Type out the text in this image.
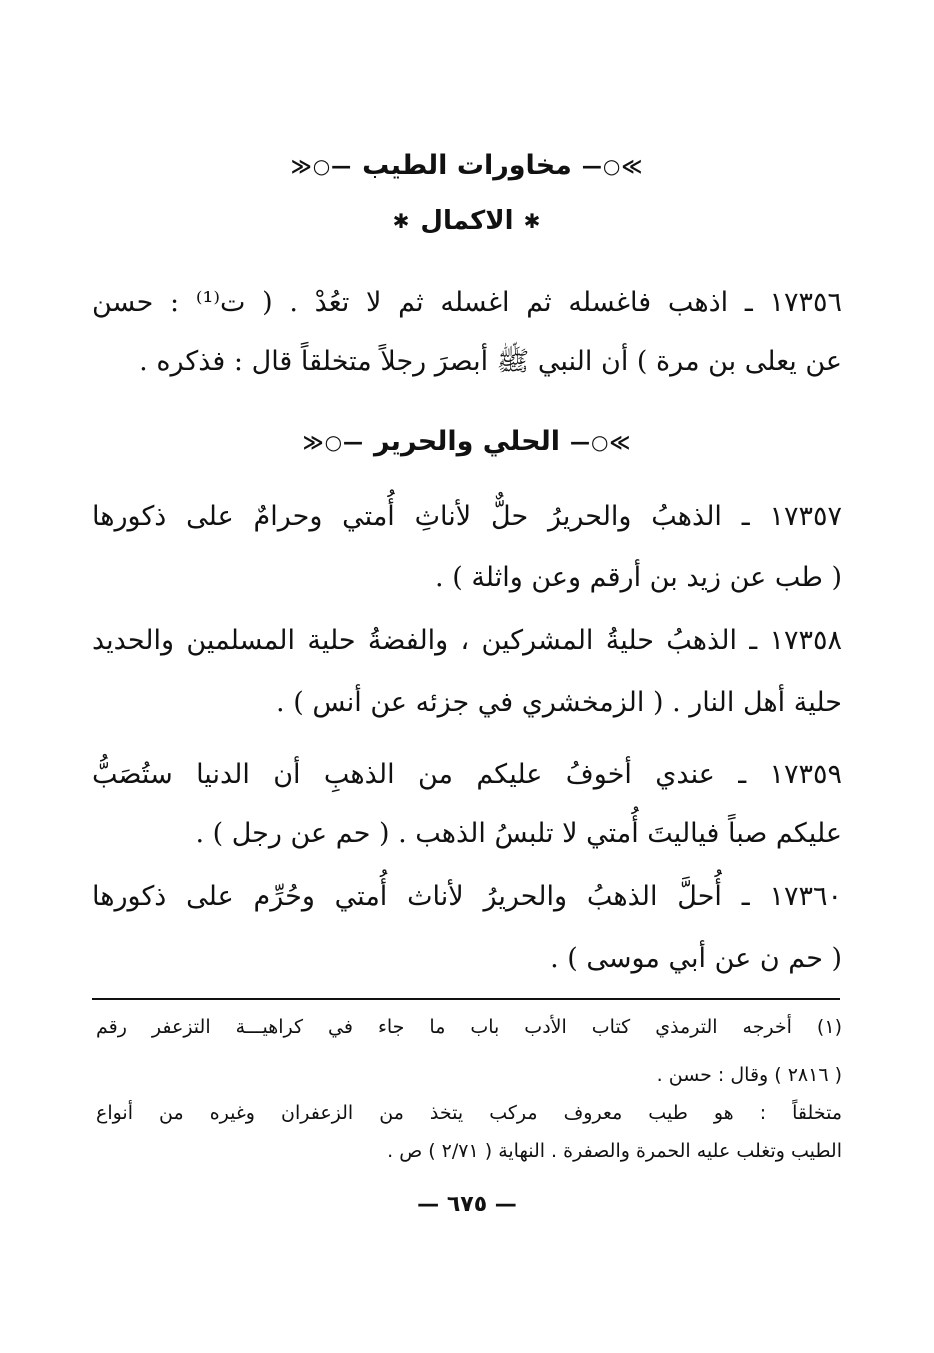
≫○—
مخاورات الطيب
—○≪
✱
الاكمال
✱
١٧٣٥٦ ـ اذهب فاغسله ثم اغسله ثم لا تعُدْ . ( ت⁽¹⁾ : حسن
عن يعلى بن مرة ) أن النبي ﷺ أبصرَ رجلاً متخلقاً قال : فذكره .
≫○—
الحلي والحرير
—○≪
١٧٣٥٧ ـ الذهبُ والحريرُ حلٌّ لأناثِ أُمتي وحرامٌ على ذكورها
( طب عن زيد بن أرقم وعن واثلة ) .
١٧٣٥٨ ـ الذهبُ حليةُ المشركين ، والفضةُ حلية المسلمين والحديد
حلية أهل النار . ( الزمخشري في جزئه عن أنس ) .
١٧٣٥٩ ـ عندي أخوفُ عليكم من الذهبِ أن الدنيا ستُصَبُّ
عليكم صباً فياليتَ أُمتي لا تلبسُ الذهب . ( حم عن رجل ) .
١٧٣٦٠ ـ أُحلَّ الذهبُ والحريرُ لأناث أُمتي وحُرِّم على ذكورها
( حم ن عن أبي موسى ) .
(١) أخرجه الترمذي كتاب الأدب باب ما جاء في كراهيـــة التزعفر رقم
( ٢٨١٦ ) وقال : حسن .
متخلقاً : هو طيب معروف مركب يتخذ من الزعفران وغيره من أنواع
الطيب وتغلب عليه الحمرة والصفرة . النهاية ( ٢/٧١ ) ص .
— ٦٧٥ —
